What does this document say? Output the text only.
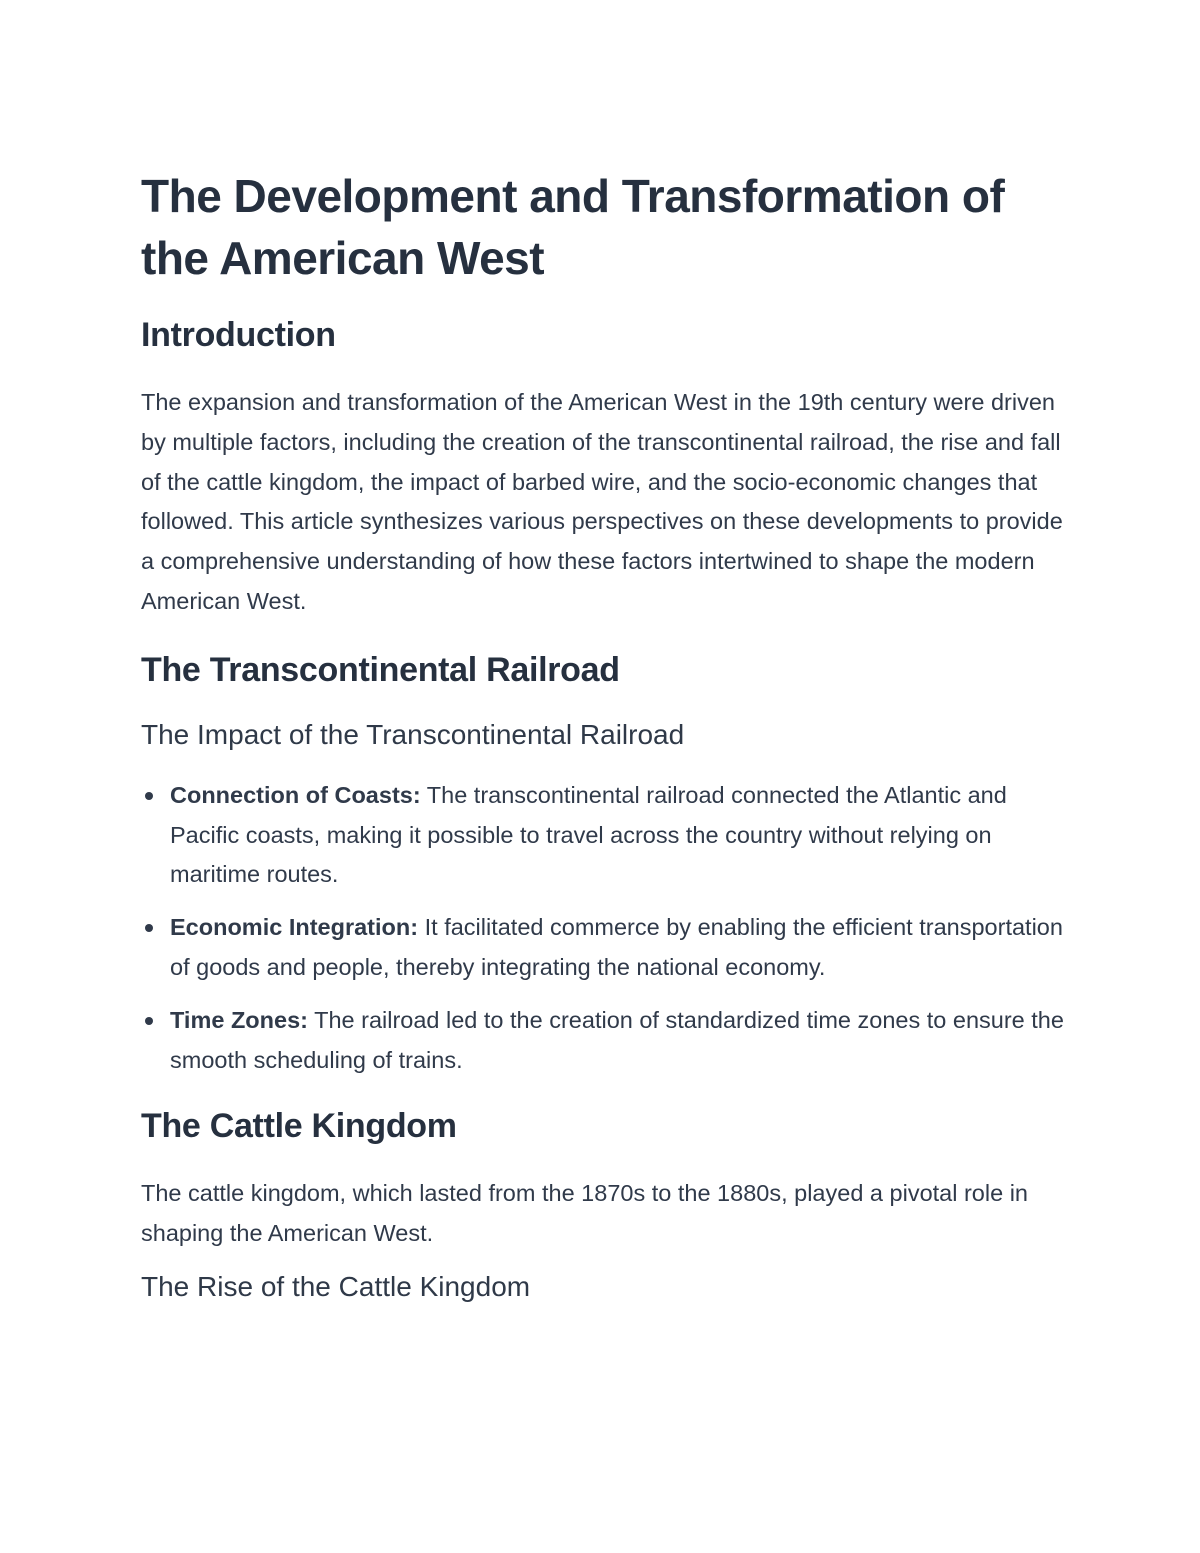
The Development and Transformation of the American West
Introduction

The expansion and transformation of the American West in the 19th century were driven by multiple factors, including the creation of the transcontinental railroad, the rise and fall of the cattle kingdom, the impact of barbed wire, and the socio-economic changes that followed. This article synthesizes various perspectives on these developments to provide a comprehensive understanding of how these factors intertwined to shape the modern American West.

The Transcontinental Railroad
The Impact of the Transcontinental Railroad
Connection of Coasts: The transcontinental railroad connected the Atlantic and Pacific coasts, making it possible to travel across the country without relying on maritime routes.
Economic Integration: It facilitated commerce by enabling the efficient transportation of goods and people, thereby integrating the national economy.
Time Zones: The railroad led to the creation of standardized time zones to ensure the smooth scheduling of trains.
The Cattle Kingdom

The cattle kingdom, which lasted from the 1870s to the 1880s, played a pivotal role in shaping the American West.

The Rise of the Cattle Kingdom
